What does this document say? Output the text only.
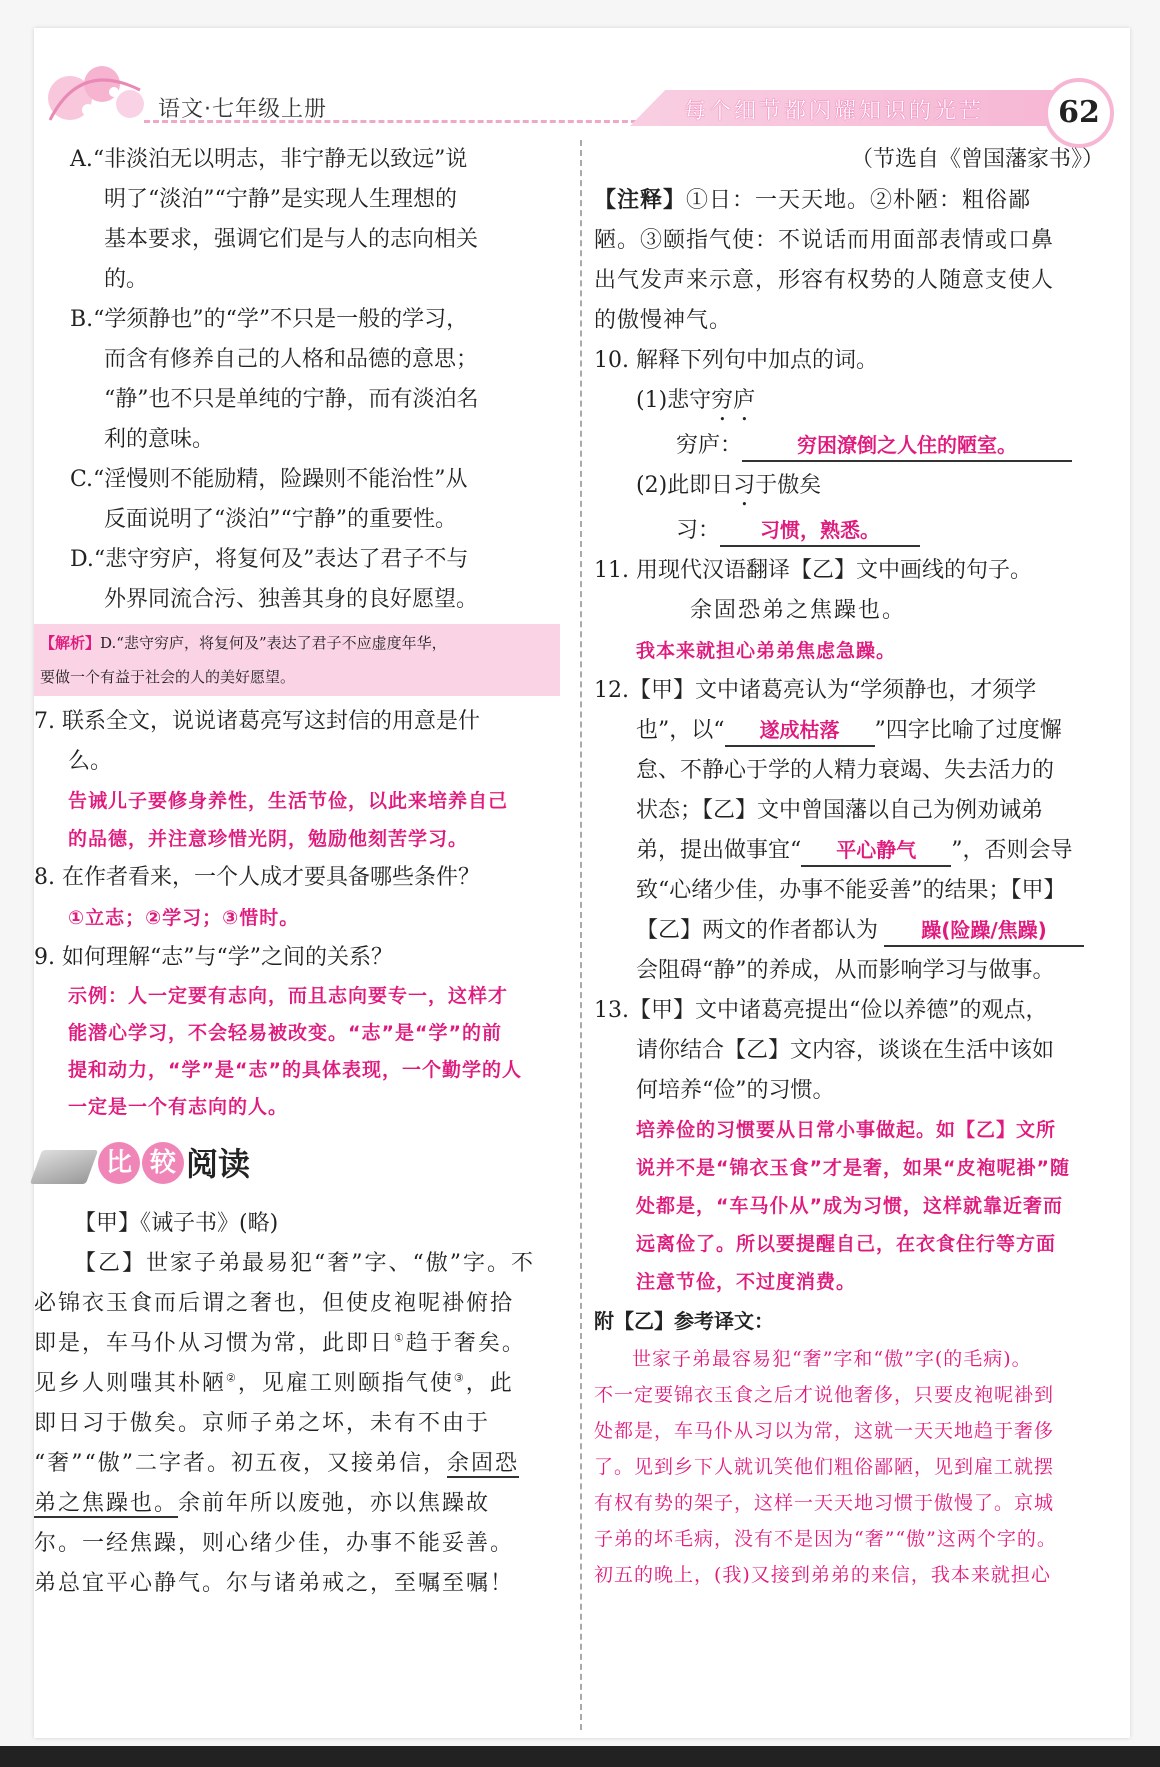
语文·七年级上册	每个细节都闪耀知识的光芒	62

A.“非淡泊无以明志，非宁静无以致远”说
明了“淡泊”“宁静”是实现人生理想的
基本要求，强调它们是与人的志向相关
的。

B.“学须静也”的“学”不只是一般的学习，
而含有修养自己的人格和品德的意思；
“静”也不只是单纯的宁静，而有淡泊名
利的意味。

C.“淫慢则不能励精，险躁则不能治性”从
反面说明了“淡泊”“宁静”的重要性。

D.“悲守穷庐，将复何及”表达了君子不与
外界同流合污、独善其身的良好愿望。

【解析】D.“悲守穷庐，将复何及”表达了君子不应虚度年华，
要做一个有益于社会的人的美好愿望。

7. 联系全文，说说诸葛亮写这封信的用意是什
么。

告诫儿子要修身养性，生活节俭，以此来培养自己
的品德，并注意珍惜光阴，勉励他刻苦学习。

8. 在作者看来，一个人成才要具备哪些条件？

①立志；②学习；③惜时。

9. 如何理解“志”与“学”之间的关系？

示例：人一定要有志向，而且志向要专一，这样才
能潜心学习，不会轻易被改变。“志”是“学”的前
提和动力，“学”是“志”的具体表现，一个勤学的人
一定是一个有志向的人。

比 较 阅读

【甲】《诫子书》(略)

【乙】世家子弟最易犯“奢”字、“傲”字。不
必锦衣玉食而后谓之奢也，但使皮袍呢褂俯拾
即是，车马仆从习惯为常，此即日①趋于奢矣。
见乡人则嗤其朴陋②，见雇工则颐指气使③，此
即日习于傲矣。京师子弟之坏，未有不由于
“奢”“傲”二字者。初五夜，又接弟信，余固恐
弟之焦躁也。余前年所以废弛，亦以焦躁故
尔。一经焦躁，则心绪少佳，办事不能妥善。
弟总宜平心静气。尔与诸弟戒之，至嘱至嘱！

（节选自《曾国藩家书》）

【注释】①日：一天天地。②朴陋：粗俗鄙
陋。③颐指气使：不说话而用面部表情或口鼻
出气发声来示意，形容有权势的人随意支使人
的傲慢神气。

10. 解释下列句中加点的词。

(1)悲守穷庐

穷庐：	穷困潦倒之人住的陋室。

(2)此即日习于傲矣

习： 习惯，熟悉。

11. 用现代汉语翻译【乙】文中画线的句子。

余固恐弟之焦躁也。

我本来就担心弟弟焦虑急躁。

12.【甲】文中诸葛亮认为“学须静也，才须学
也”，以“ 遂成枯落 ”四字比喻了过度懈
怠、不静心于学的人精力衰竭、失去活力的
状态；【乙】文中曾国藩以自己为例劝诫弟
弟，提出做事宜“ 平心静气 ”，否则会导
致“心绪少佳，办事不能妥善”的结果；【甲】
【乙】两文的作者都认为 躁(险躁/焦躁)
会阻碍“静”的养成，从而影响学习与做事。

13.【甲】文中诸葛亮提出“俭以养德”的观点，
请你结合【乙】文内容，谈谈在生活中该如
何培养“俭”的习惯。

培养俭的习惯要从日常小事做起。如【乙】文所
说并不是“锦衣玉食”才是奢，如果“皮袍呢褂”随
处都是，“车马仆从”成为习惯，这样就靠近奢而
远离俭了。所以要提醒自己，在衣食住行等方面
注意节俭，不过度消费。

附【乙】参考译文：

世家子弟最容易犯“奢”字和“傲”字(的毛病)。
不一定要锦衣玉食之后才说他奢侈，只要皮袍呢褂到
处都是，车马仆从习以为常，这就一天天地趋于奢侈
了。见到乡下人就讥笑他们粗俗鄙陋，见到雇工就摆
有权有势的架子，这样一天天地习惯于傲慢了。京城
子弟的坏毛病，没有不是因为“奢”“傲”这两个字的。
初五的晚上，(我)又接到弟弟的来信，我本来就担心
